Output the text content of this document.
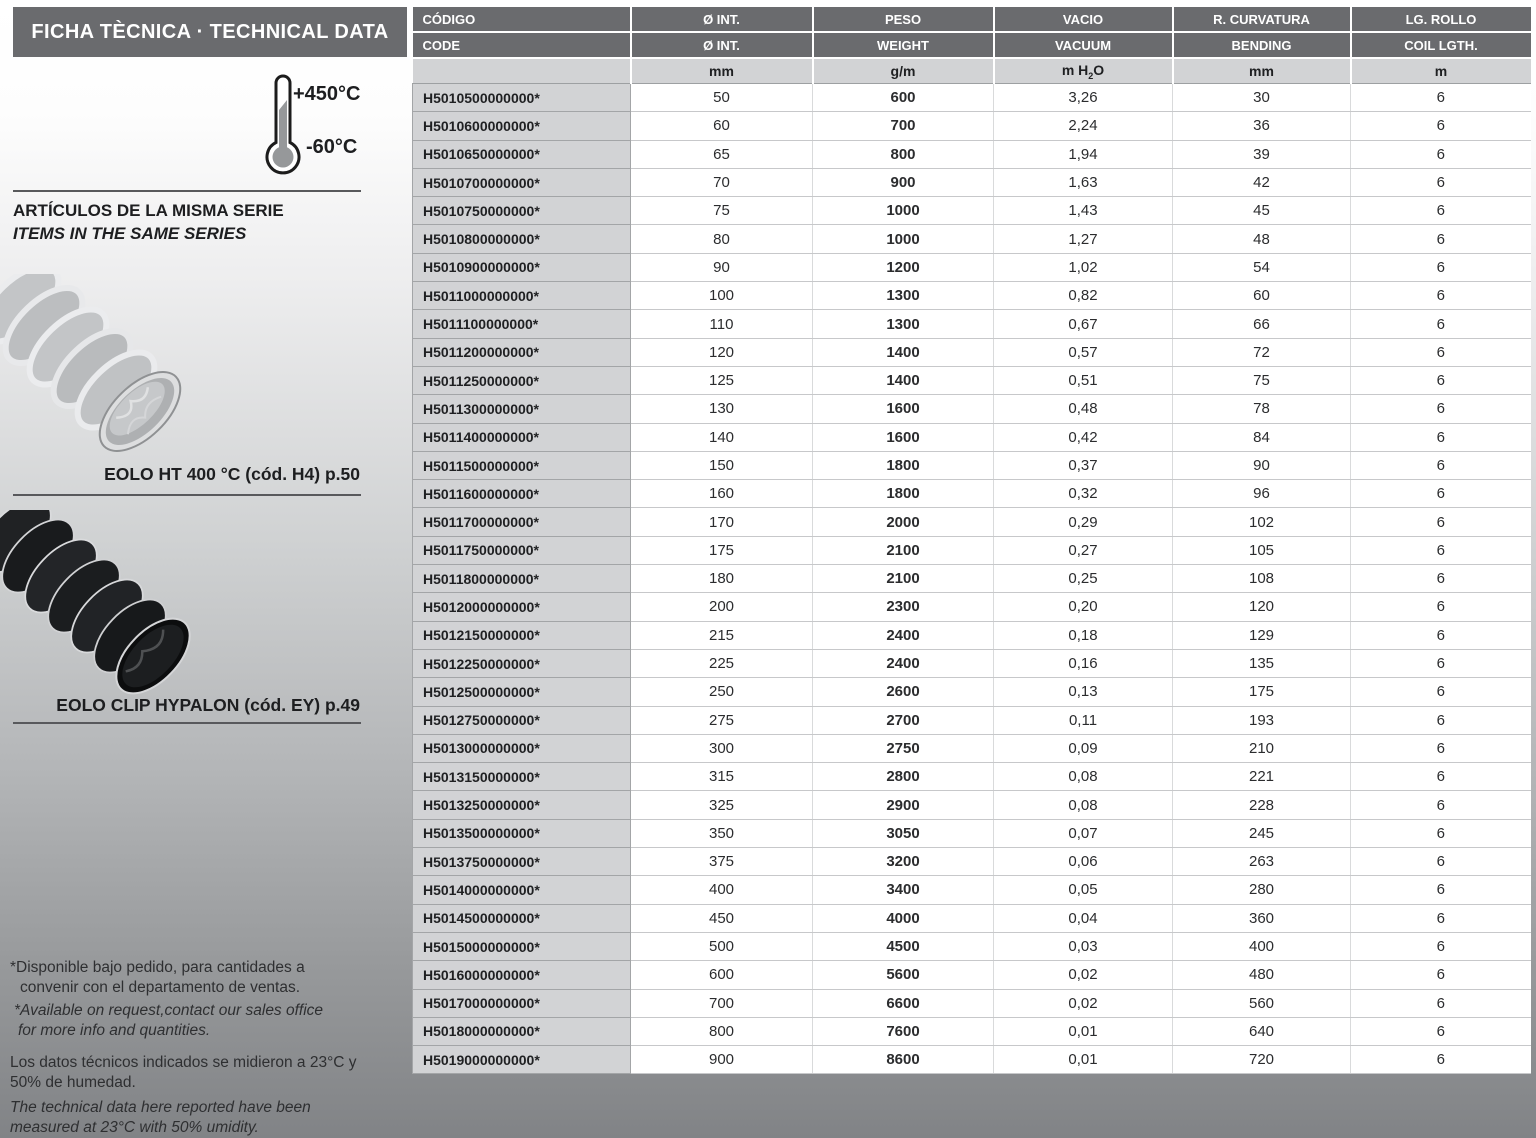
FICHA TÈCNICA · TECHNICAL DATA
+450°C
-60°C
ARTÍCULOS DE LA MISMA SERIE
ITEMS IN THE SAME SERIES
EOLO HT 400 °C (cód. H4) p.50
EOLO CLIP HYPALON (cód. EY) p.49
*Disponible bajo pedido, para cantidades a
convenir con el departamento de ventas.
*Available on request,contact our sales office
for more info and quantities.
Los datos técnicos indicados se midieron a 23°C y
50% de humedad.
The technical data here reported have been
measured at 23°C with 50% umidity.
CÓDIGO	Ø INT.	PESO	VACIO	R. CURVATURA	LG. ROLLO
CODE	Ø INT.	WEIGHT	VACUUM	BENDING	COIL LGTH.
	mm	g/m	m $H_2O$	mm	m
H5010500000000*	50	600	3,26	30	6
H5010600000000*	60	700	2,24	36	6
H5010650000000*	65	800	1,94	39	6
H5010700000000*	70	900	1,63	42	6
H5010750000000*	75	1000	1,43	45	6
H5010800000000*	80	1000	1,27	48	6
H5010900000000*	90	1200	1,02	54	6
H5011000000000*	100	1300	0,82	60	6
H5011100000000*	110	1300	0,67	66	6
H5011200000000*	120	1400	0,57	72	6
H5011250000000*	125	1400	0,51	75	6
H5011300000000*	130	1600	0,48	78	6
H5011400000000*	140	1600	0,42	84	6
H5011500000000*	150	1800	0,37	90	6
H5011600000000*	160	1800	0,32	96	6
H5011700000000*	170	2000	0,29	102	6
H5011750000000*	175	2100	0,27	105	6
H5011800000000*	180	2100	0,25	108	6
H5012000000000*	200	2300	0,20	120	6
H5012150000000*	215	2400	0,18	129	6
H5012250000000*	225	2400	0,16	135	6
H5012500000000*	250	2600	0,13	175	6
H5012750000000*	275	2700	0,11	193	6
H5013000000000*	300	2750	0,09	210	6
H5013150000000*	315	2800	0,08	221	6
H5013250000000*	325	2900	0,08	228	6
H5013500000000*	350	3050	0,07	245	6
H5013750000000*	375	3200	0,06	263	6
H5014000000000*	400	3400	0,05	280	6
H5014500000000*	450	4000	0,04	360	6
H5015000000000*	500	4500	0,03	400	6
H5016000000000*	600	5600	0,02	480	6
H5017000000000*	700	6600	0,02	560	6
H5018000000000*	800	7600	0,01	640	6
H5019000000000*	900	8600	0,01	720	6
